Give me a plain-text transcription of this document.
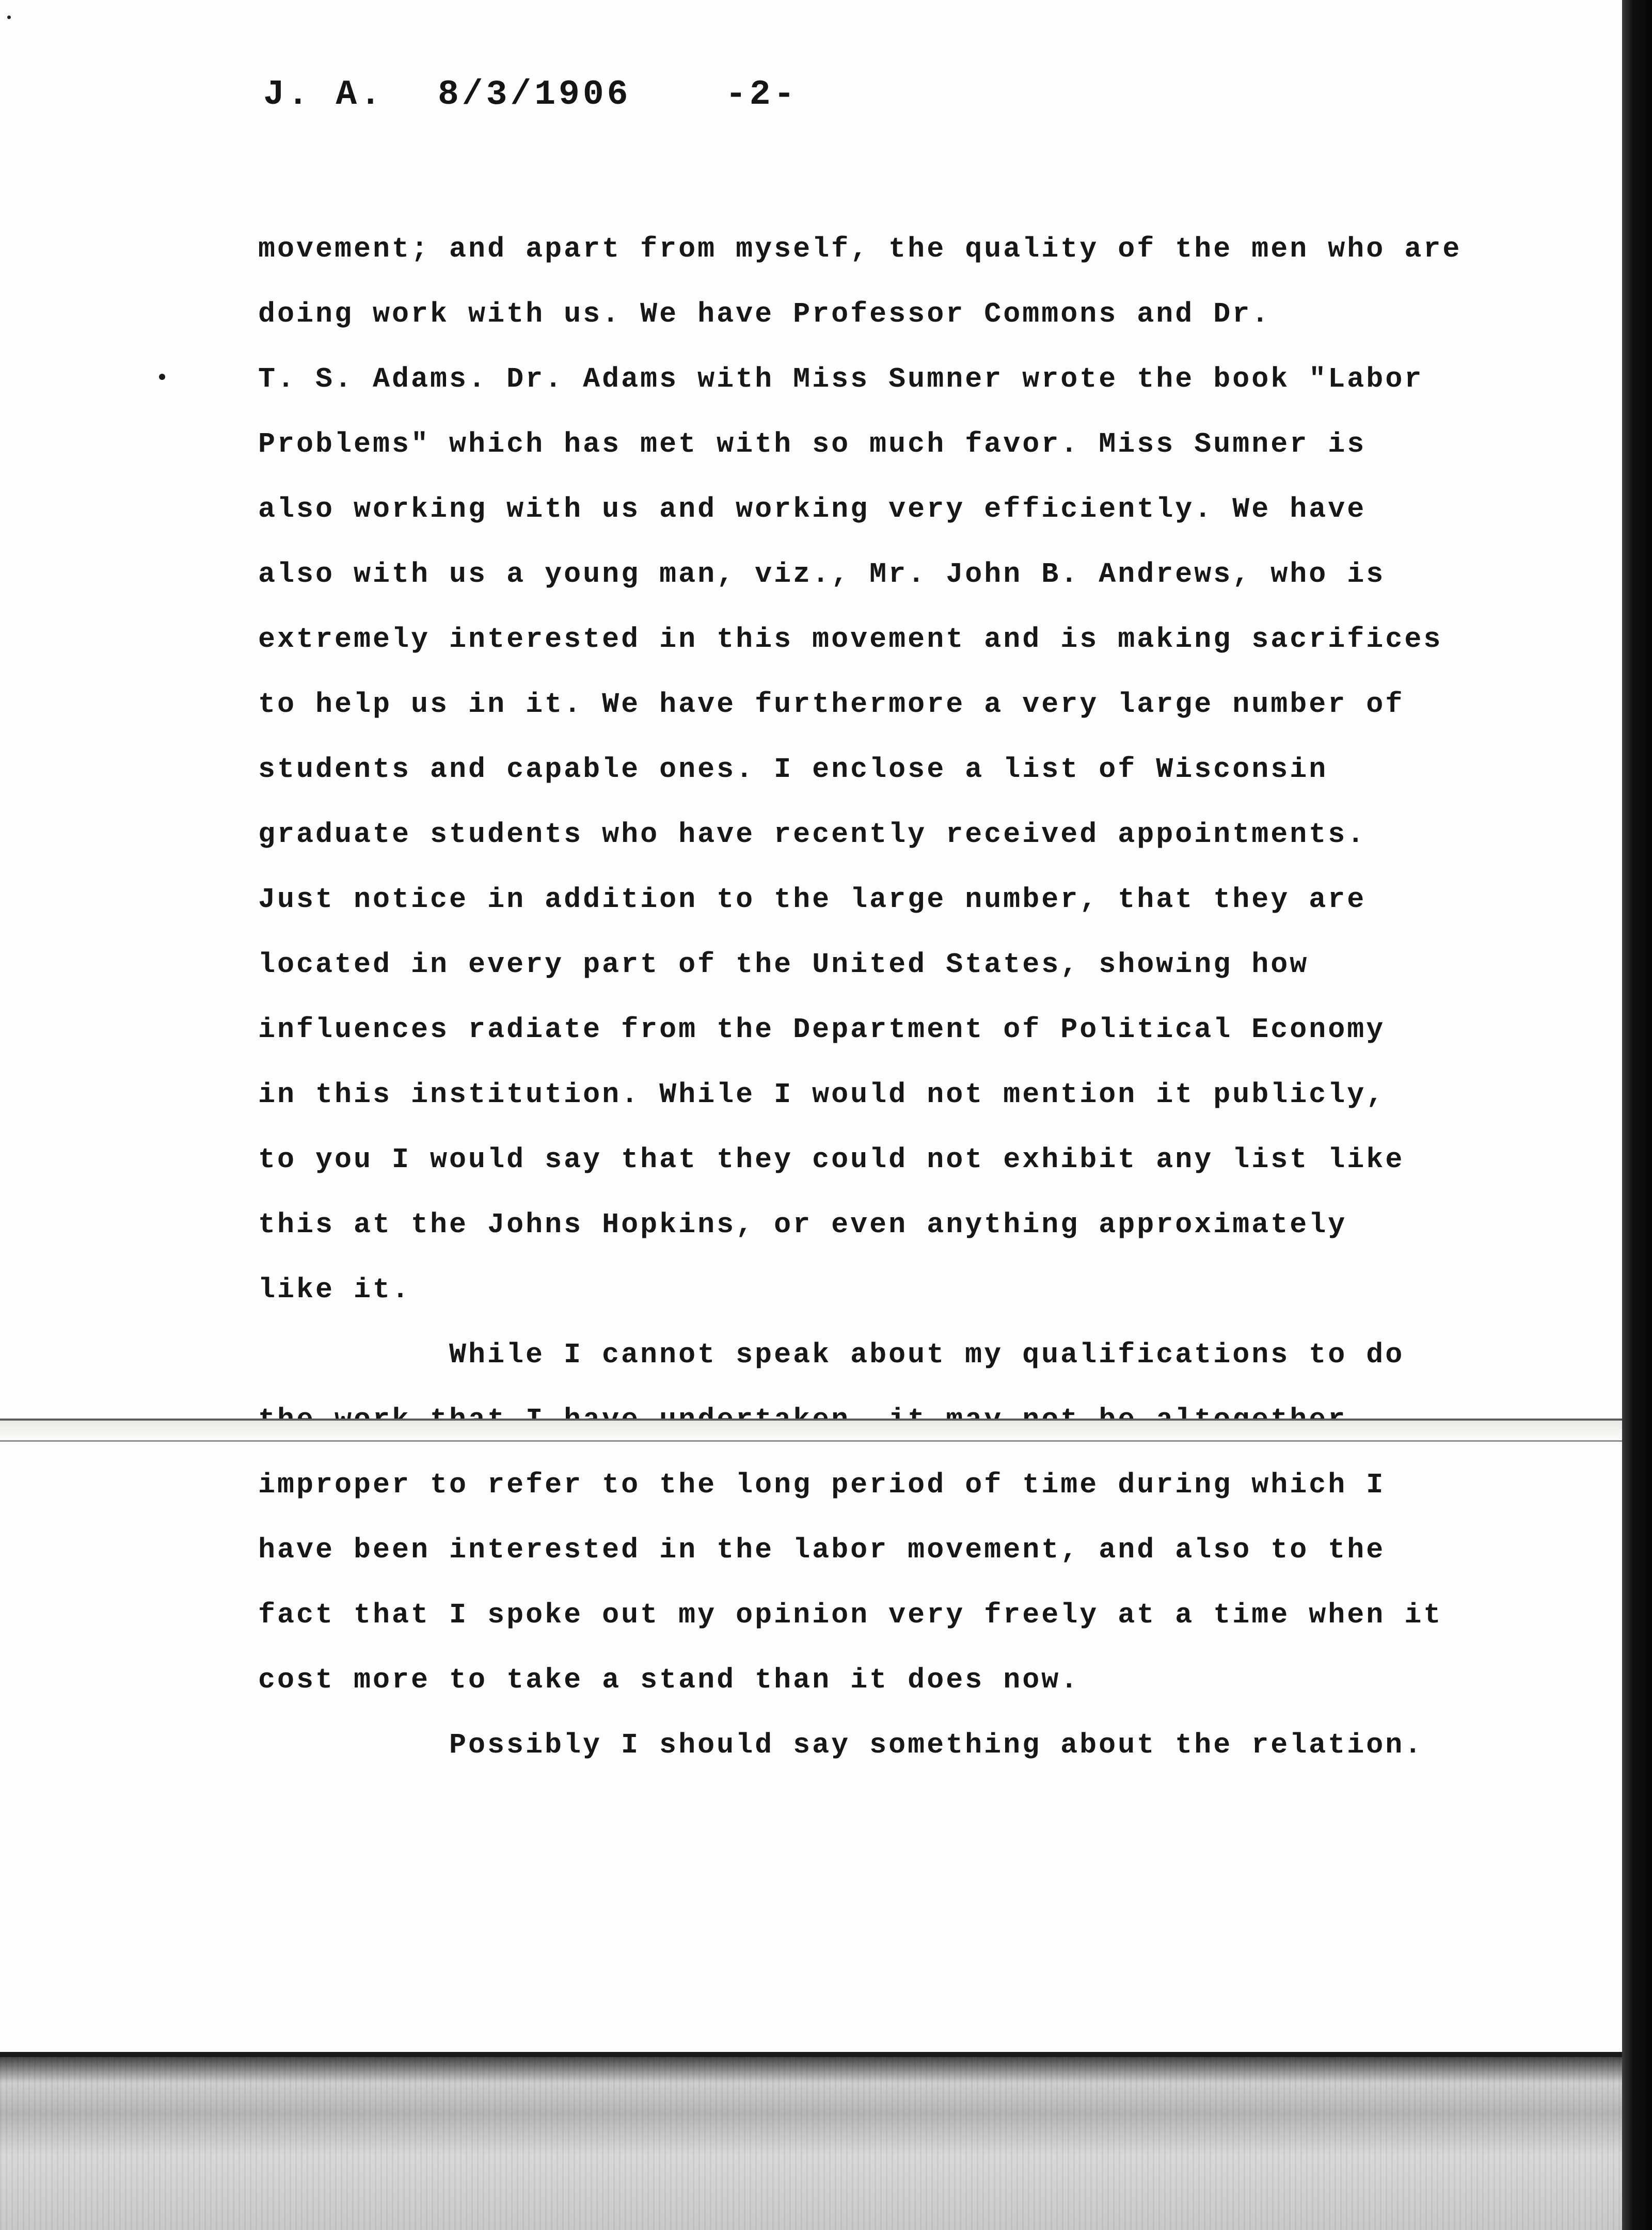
J. A. 8/3/1906	-2-
movement; and apart from myself, the quality of the men who are
doing work with us. We have Professor Commons and Dr.
T. S. Adams. Dr. Adams with Miss Sumner wrote the book "Labor
Problems" which has met with so much favor. Miss Sumner is
also working with us and working very efficiently. We have
also with us a young man, viz., Mr. John B. Andrews, who is
extremely interested in this movement and is making sacrifices
to help us in it. We have furthermore a very large number of
students and capable ones. I enclose a list of Wisconsin
graduate students who have recently received appointments.
Just notice in addition to the large number, that they are
located in every part of the United States, showing how
influences radiate from the Department of Political Economy
in this institution. While I would not mention it publicly,
to you I would say that they could not exhibit any list like
this at the Johns Hopkins, or even anything approximately
like it.
While I cannot speak about my qualifications to do
improper to refer to the long period of time during which I
have been interested in the labor movement, and also to the
fact that I spoke out my opinion very freely at a time when it
cost more to take a stand than it does now.
Possibly I should say something about the relation.
